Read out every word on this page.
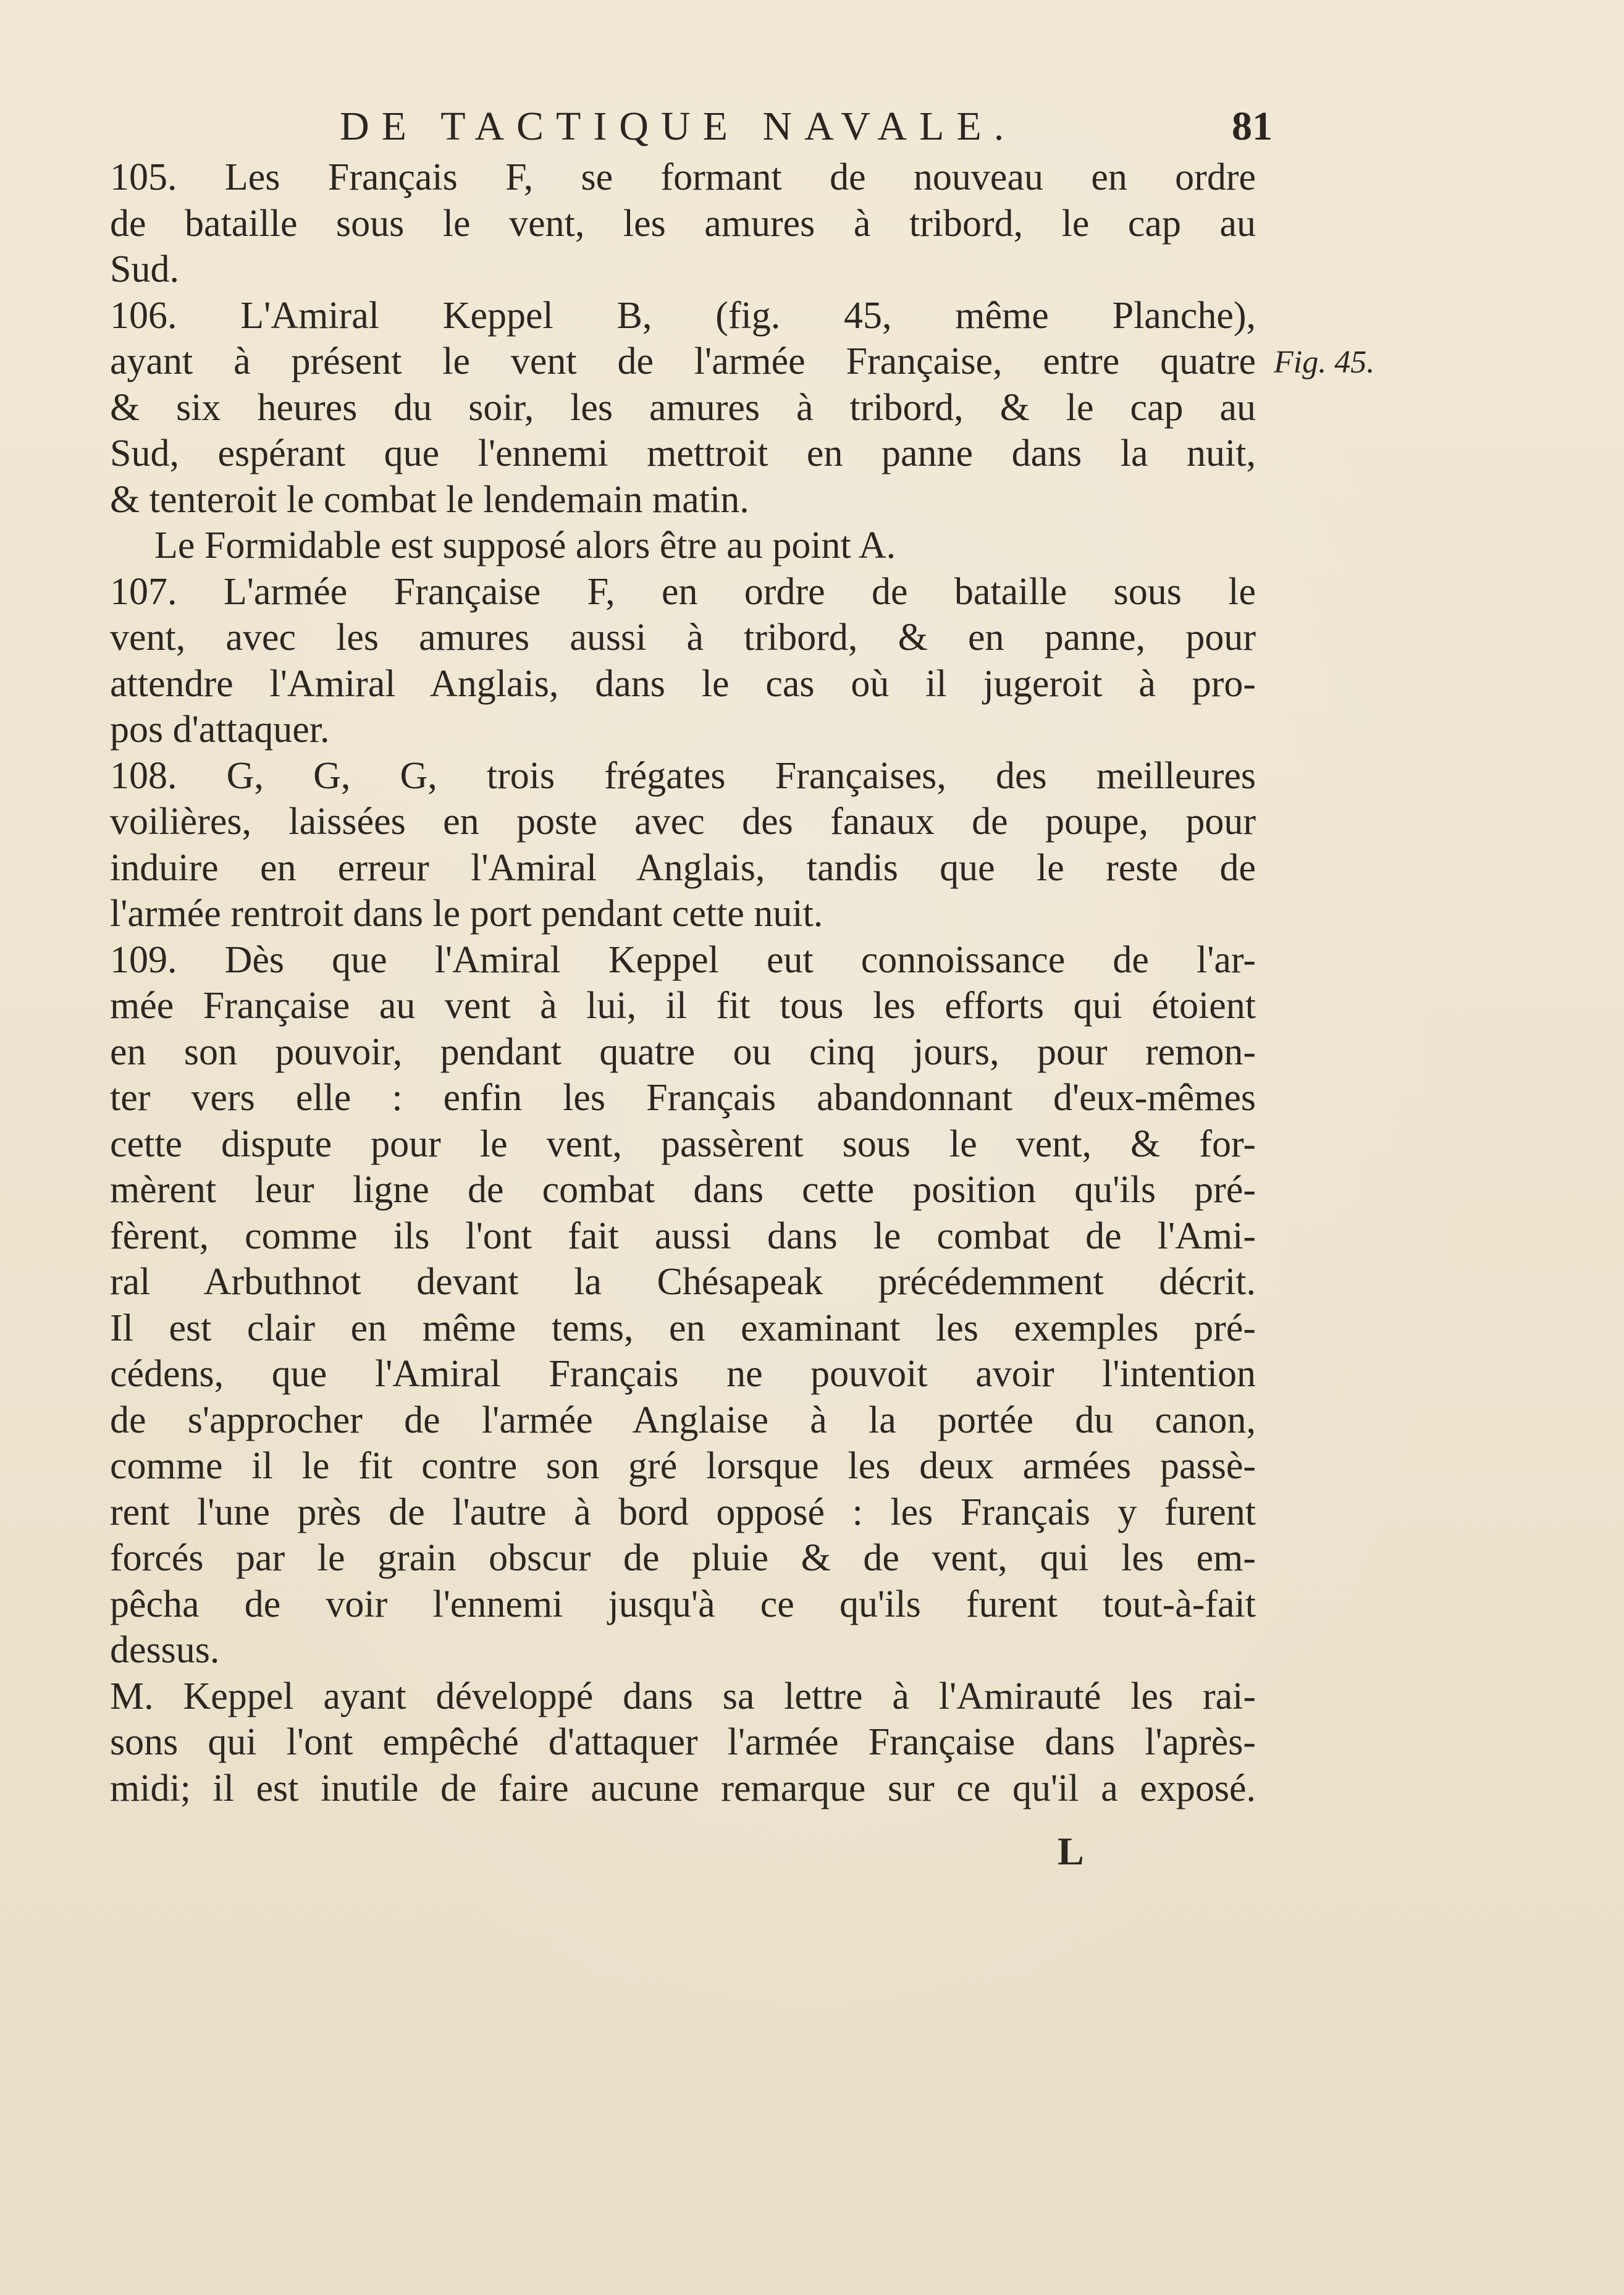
DE TACTIQUE NAVALE.	81
Fig. 45.
105. Les Français F, se formant de nouveau en ordre
de bataille sous le vent, les amures à tribord, le cap au
Sud.
106. L'Amiral Keppel B, (fig. 45, même Planche),
ayant à présent le vent de l'armée Française, entre quatre
& six heures du soir, les amures à tribord, & le cap au
Sud, espérant que l'ennemi mettroit en panne dans la nuit,
& tenteroit le combat le lendemain matin.
Le Formidable est supposé alors être au point A.
107. L'armée Française F, en ordre de bataille sous le
vent, avec les amures aussi à tribord, & en panne, pour
attendre l'Amiral Anglais, dans le cas où il jugeroit à pro-
pos d'attaquer.
108. G, G, G, trois frégates Françaises, des meilleures
voilières, laissées en poste avec des fanaux de poupe, pour
induire en erreur l'Amiral Anglais, tandis que le reste de
l'armée rentroit dans le port pendant cette nuit.
109. Dès que l'Amiral Keppel eut connoissance de l'ar-
mée Française au vent à lui, il fit tous les efforts qui étoient
en son pouvoir, pendant quatre ou cinq jours, pour remon-
ter vers elle : enfin les Français abandonnant d'eux-mêmes
cette dispute pour le vent, passèrent sous le vent, & for-
mèrent leur ligne de combat dans cette position qu'ils pré-
fèrent, comme ils l'ont fait aussi dans le combat de l'Ami-
ral Arbuthnot devant la Chésapeak précédemment décrit.
Il est clair en même tems, en examinant les exemples pré-
cédens, que l'Amiral Français ne pouvoit avoir l'intention
de s'approcher de l'armée Anglaise à la portée du canon,
comme il le fit contre son gré lorsque les deux armées passè-
rent l'une près de l'autre à bord opposé : les Français y furent
forcés par le grain obscur de pluie & de vent, qui les em-
pêcha de voir l'ennemi jusqu'à ce qu'ils furent tout-à-fait
dessus.
M. Keppel ayant développé dans sa lettre à l'Amirauté les rai-
sons qui l'ont empêché d'attaquer l'armée Française dans l'après-
midi; il est inutile de faire aucune remarque sur ce qu'il a exposé.
L
